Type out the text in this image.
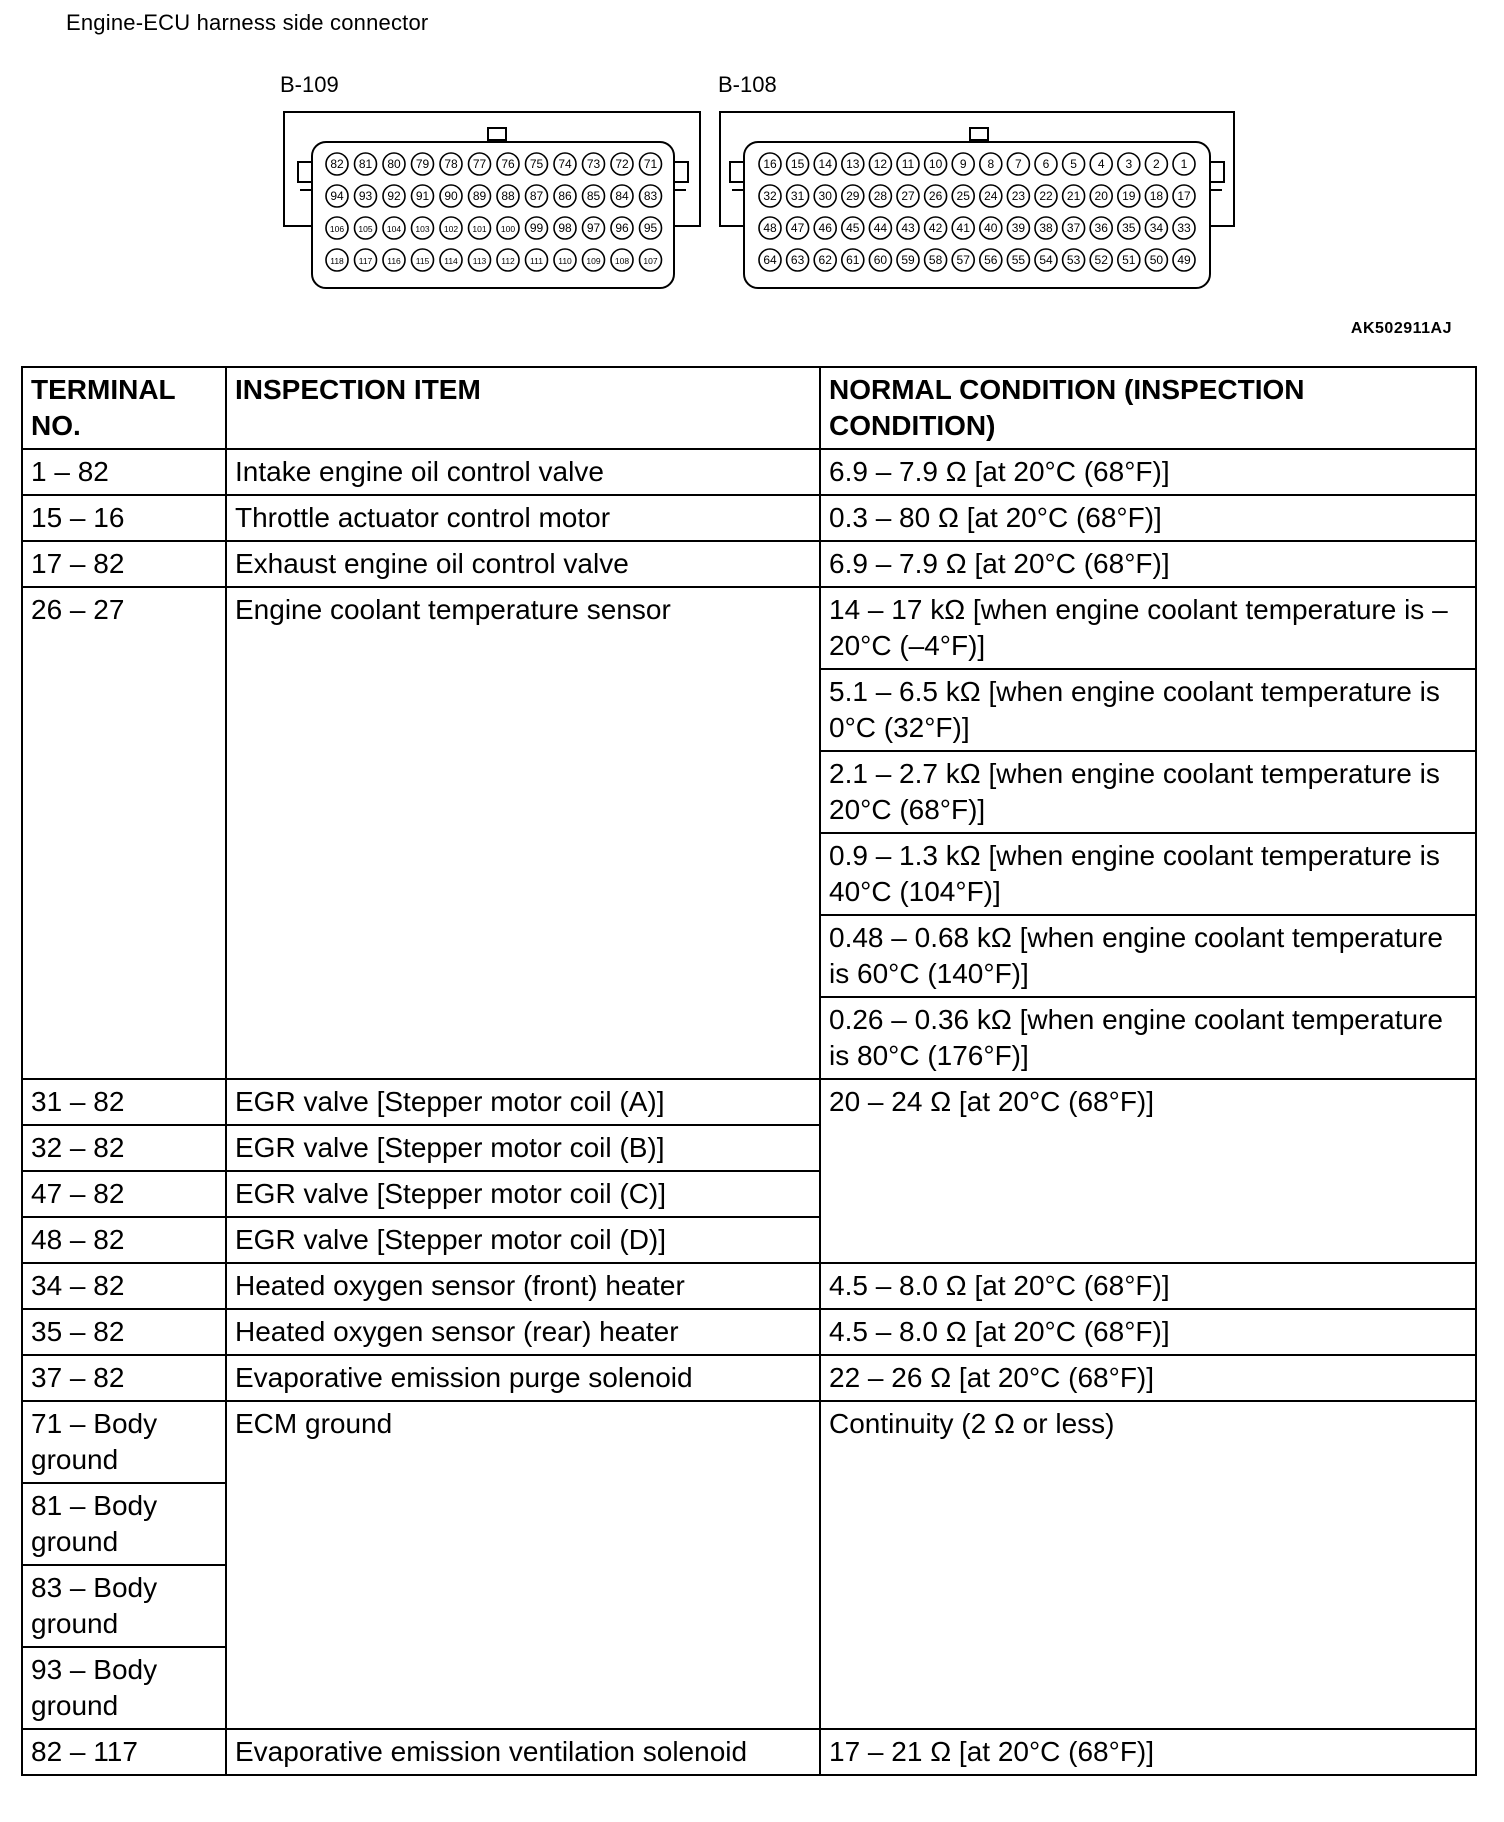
Engine-ECU harness side connector
B-109	B-108
82 81 80 79 78 77 76 75 74 73 72 71
94 93 92 91 90 89 88 87 86 85 84 83
106 105 104 103 102 101 100 99 98 97 96 95
118 117 116 115 114 113 112 111 110 109 108 107
16 15 14 13 12 11 10 9 8 7 6 5 4 3 2 1
32 31 30 29 28 27 26 25 24 23 22 21 20 19 18 17
48 47 46 45 44 43 42 41 40 39 38 37 36 35 34 33
64 63 62 61 60 59 58 57 56 55 54 53 52 51 50 49
AK502911AJ
TERMINAL NO.	INSPECTION ITEM	NORMAL CONDITION (INSPECTION CONDITION)
1 – 82	Intake engine oil control valve	6.9 – 7.9 Ω [at 20°C (68°F)]
15 – 16	Throttle actuator control motor	0.3 – 80 Ω [at 20°C (68°F)]
17 – 82	Exhaust engine oil control valve	6.9 – 7.9 Ω [at 20°C (68°F)]
26 – 27	Engine coolant temperature sensor	14 – 17 kΩ [when engine coolant temperature is –20°C (–4°F)]
		5.1 – 6.5 kΩ [when engine coolant temperature is 0°C (32°F)]
		2.1 – 2.7 kΩ [when engine coolant temperature is 20°C (68°F)]
		0.9 – 1.3 kΩ [when engine coolant temperature is 40°C (104°F)]
		0.48 – 0.68 kΩ [when engine coolant temperature is 60°C (140°F)]
		0.26 – 0.36 kΩ [when engine coolant temperature is 80°C (176°F)]
31 – 82	EGR valve [Stepper motor coil (A)]	20 – 24 Ω [at 20°C (68°F)]
32 – 82	EGR valve [Stepper motor coil (B)]	
47 – 82	EGR valve [Stepper motor coil (C)]	
48 – 82	EGR valve [Stepper motor coil (D)]	
34 – 82	Heated oxygen sensor (front) heater	4.5 – 8.0 Ω [at 20°C (68°F)]
35 – 82	Heated oxygen sensor (rear) heater	4.5 – 8.0 Ω [at 20°C (68°F)]
37 – 82	Evaporative emission purge solenoid	22 – 26 Ω [at 20°C (68°F)]
71 – Body ground	ECM ground	Continuity (2 Ω or less)
81 – Body ground		
83 – Body ground		
93 – Body ground		
82 – 117	Evaporative emission ventilation solenoid	17 – 21 Ω [at 20°C (68°F)]
